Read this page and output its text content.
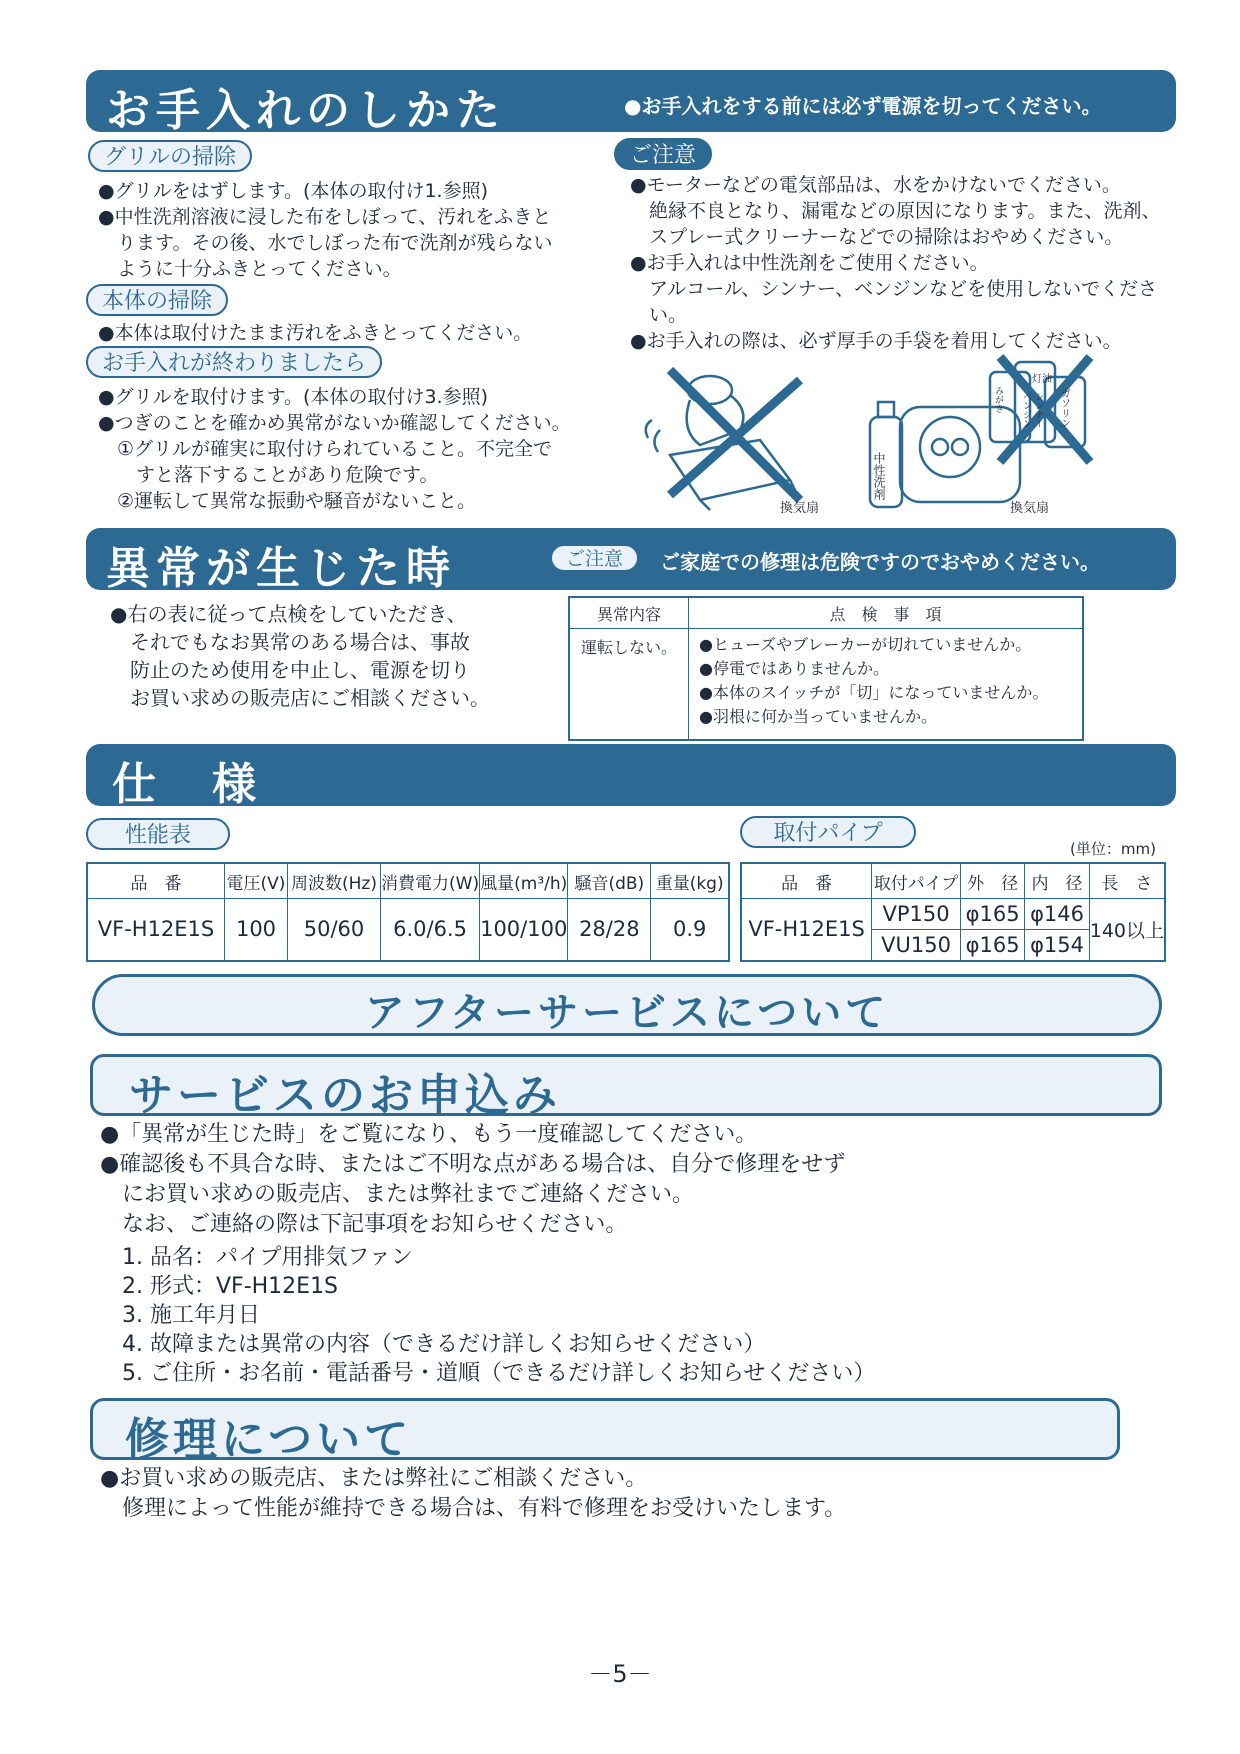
お手入れのしかた	●お手入れをする前には必ず電源を切ってください。
グリルの掃除
●グリルをはずします。(本体の取付け1.参照)
●中性洗剤溶液に浸した布をしぼって、汚れをふきと
　ります。その後、水でしぼった布で洗剤が残らない
　ように十分ふきとってください。
本体の掃除
●本体は取付けたまま汚れをふきとってください。
お手入れが終わりましたら
●グリルを取付けます。(本体の取付け3.参照)
●つぎのことを確かめ異常がないか確認してください。
　①グリルが確実に取付けられていること。不完全で
　　すと落下することがあり危険です。
　②運転して異常な振動や騒音がないこと。
ご注意
●モーターなどの電気部品は、水をかけないでください。
　絶縁不良となり、漏電などの原因になります。また、洗剤、
　スプレー式クリーナーなどでの掃除はおやめください。
●お手入れは中性洗剤をご使用ください。
　アルコール、シンナー、ベンジンなどを使用しないでくださ
　い。
●お手入れの際は、必ず厚手の手袋を着用してください。
換気扇
中性洗剤
灯油
みがき ベンジン シンナー ガソリン
換気扇
異常が生じた時	ご注意	ご家庭での修理は危険ですのでおやめください。
●右の表に従って点検をしていただき、
　それでもなお異常のある場合は、事故
　防止のため使用を中止し、電源を切り
　お買い求めの販売店にご相談ください。
異常内容	点　検　事　項
運転しない。	●ヒューズやブレーカーが切れていませんか。
●停電ではありませんか。
●本体のスイッチが「切」になっていませんか。
●羽根に何か当っていませんか。
仕　様
性能表	取付パイプ
(単位：mm)
品　番	電圧(V)	周波数(Hz)	消費電力(W)	風量(m³/h)	騒音(dB)	重量(kg)
VF-H12E1S	100	50/60	6.0/6.5	100/100	28/28	0.9
品　番	取付パイプ	外　径	内　径	長　さ
VF-H12E1S	VP150	φ165	φ146	140以上
	VU150	φ165	φ154	
アフターサービスについて
サービスのお申込み
●「異常が生じた時」をご覧になり、もう一度確認してください。
●確認後も不具合な時、またはご不明な点がある場合は、自分で修理をせず
　にお買い求めの販売店、または弊社までご連絡ください。
　なお、ご連絡の際は下記事項をお知らせください。
　1. 品名：パイプ用排気ファン
　2. 形式：VF-H12E1S
　3. 施工年月日
　4. 故障または異常の内容（できるだけ詳しくお知らせください）
　5. ご住所・お名前・電話番号・道順（できるだけ詳しくお知らせください）
修理について
●お買い求めの販売店、または弊社にご相談ください。
　修理によって性能が維持できる場合は、有料で修理をお受けいたします。
－5－
